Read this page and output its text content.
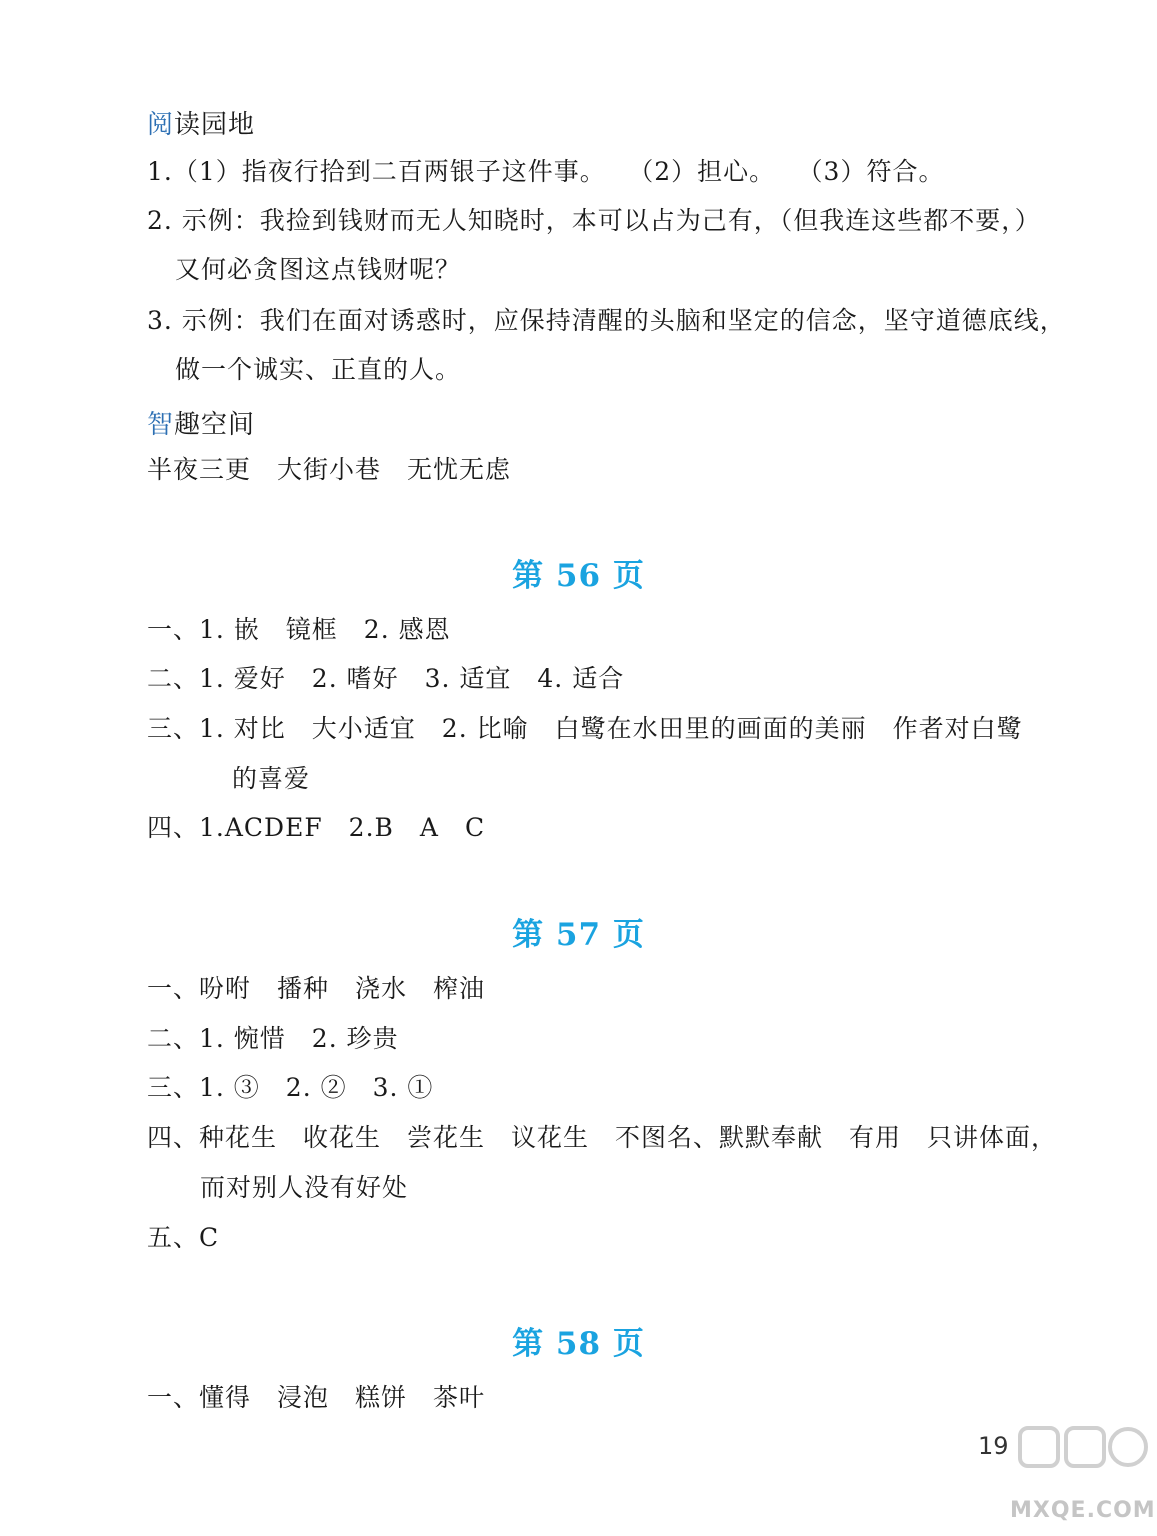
阅读园地
1.（1）指夜行拾到二百两银子这件事。　 （2）担心。　 （3）符合。
2. 示例：我捡到钱财而无人知晓时，本可以占为己有，（但我连这些都不要，）
又何必贪图这点钱财呢？
3. 示例：我们在面对诱惑时，应保持清醒的头脑和坚定的信念，坚守道德底线，
做一个诚实、正直的人。
智趣空间
半夜三更　大街小巷　无忧无虑
第 56 页
一、1. 嵌　镜框　2. 感恩
二、1. 爱好　2. 嗜好　3. 适宜　4. 适合
三、1. 对比　大小适宜　2. 比喻　白鹭在水田里的画面的美丽　作者对白鹭
的喜爱
四、1.ACDEF　2.B　A　C
第 57 页
一、吩咐　播种　浇水　榨油
二、1. 惋惜　2. 珍贵
三、1. ③　2. ②　3. ①
四、种花生　收花生　尝花生　议花生　不图名、默默奉献　有用　只讲体面，
而对别人没有好处
五、C
第 58 页
一、懂得　浸泡　糕饼　茶叶
19
MXQE.COM
